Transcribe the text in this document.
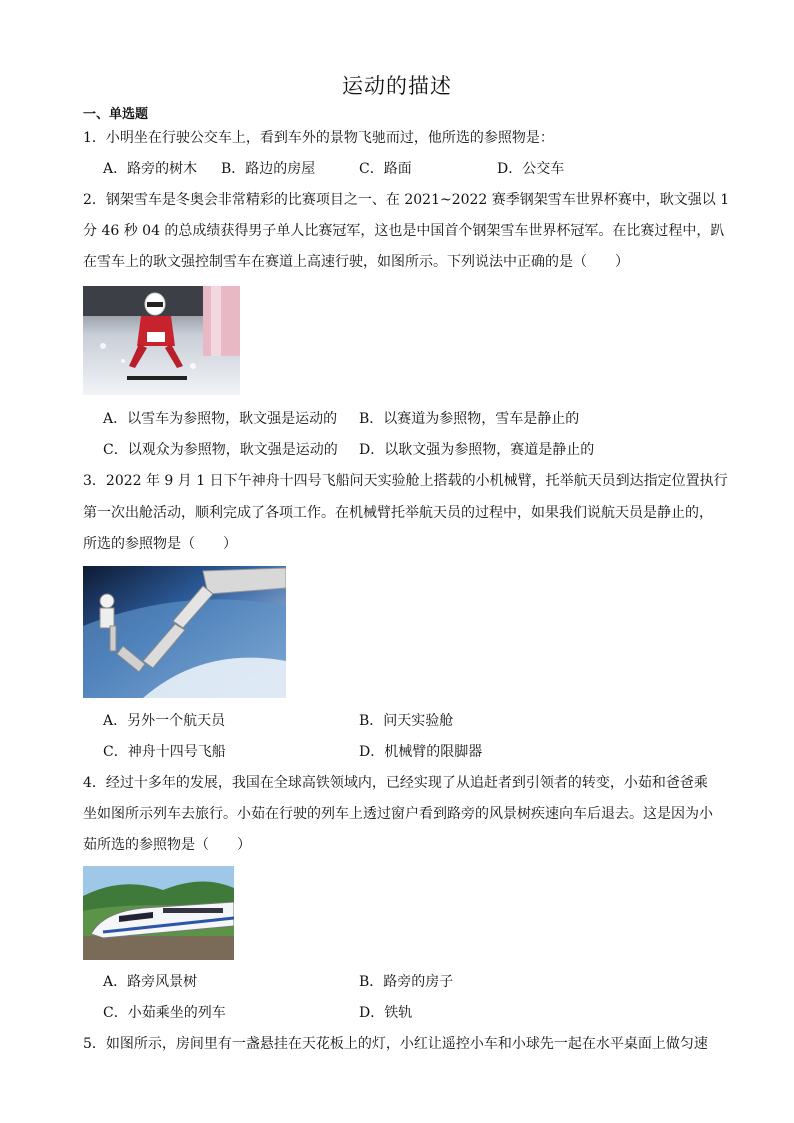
运动的描述
一、单选题
1．小明坐在行驶公交车上，看到车外的景物飞驰而过，他所选的参照物是：
A．路旁的树木 B．路边的房屋	C．路面	D．公交车
2．钢架雪车是冬奥会非常精彩的比赛项目之一、在 2021~2022 赛季钢架雪车世界杯赛中，耿文强以 1
分 46 秒 04 的总成绩获得男子单人比赛冠军，这也是中国首个钢架雪车世界杯冠军。在比赛过程中，趴
在雪车上的耿文强控制雪车在赛道上高速行驶，如图所示。下列说法中正确的是（　　）
A．以雪车为参照物，耿文强是运动的 B．以赛道为参照物，雪车是静止的
C．以观众为参照物，耿文强是运动的 D．以耿文强为参照物，赛道是静止的
3．2022 年 9 月 1 日下午神舟十四号飞船问天实验舱上搭载的小机械臂，托举航天员到达指定位置执行
第一次出舱活动，顺利完成了各项工作。在机械臂托举航天员的过程中，如果我们说航天员是静止的，
所选的参照物是（　　）
A．另外一个航天员	B．问天实验舱
C．神舟十四号飞船	D．机械臂的限脚器
4．经过十多年的发展，我国在全球高铁领域内，已经实现了从追赶者到引领者的转变，小茹和爸爸乘
坐如图所示列车去旅行。小茹在行驶的列车上透过窗户看到路旁的风景树疾速向车后退去。这是因为小
茹所选的参照物是（　　）
A．路旁风景树	B．路旁的房子
C．小茹乘坐的列车	D．铁轨
5．如图所示，房间里有一盏悬挂在天花板上的灯，小红让遥控小车和小球先一起在水平桌面上做匀速
